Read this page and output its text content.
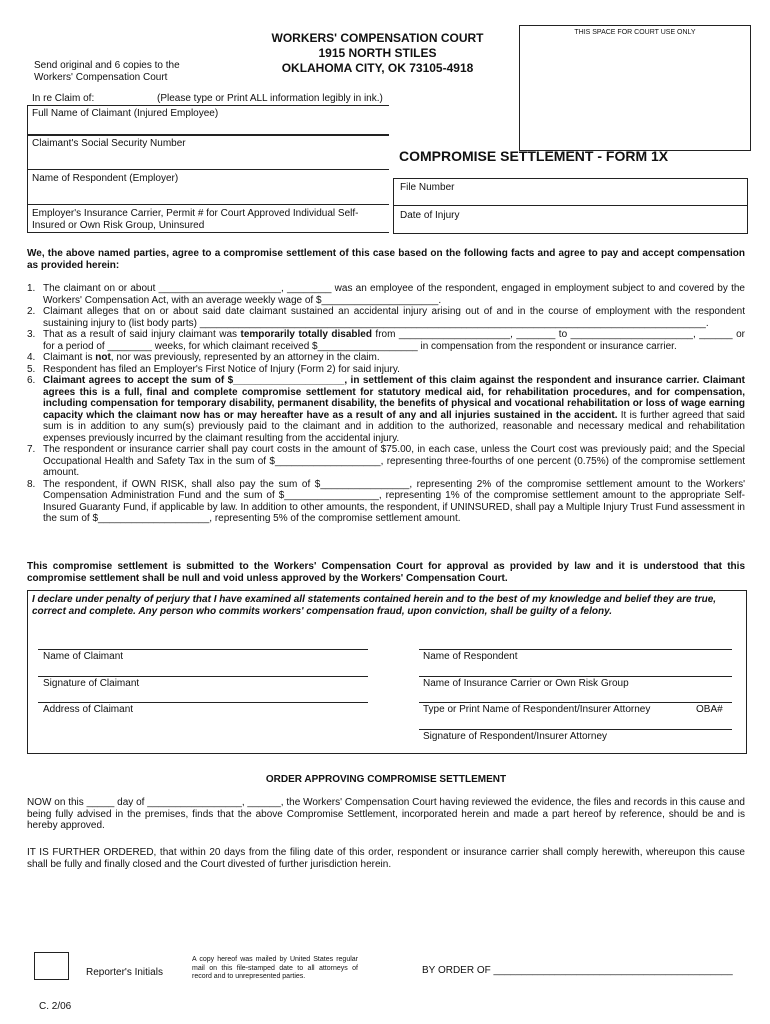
Send original and 6 copies to the
Workers' Compensation Court
WORKERS' COMPENSATION COURT
1915 NORTH STILES
OKLAHOMA CITY, OK 73105-4918
THIS SPACE FOR COURT USE ONLY
In re Claim of:	(Please type or Print ALL information legibly in ink.)
Full Name of Claimant (Injured Employee)
Claimant's Social Security Number
Name of Respondent (Employer)
Employer's Insurance Carrier, Permit # for Court Approved Individual Self-
Insured or Own Risk Group, Uninsured
COMPROMISE SETTLEMENT - FORM 1X
File Number
Date of Injury
We, the above named parties, agree to a compromise settlement of this case based on the following facts and agree to pay and accept compensation as provided herein:
1. The claimant on or about ______________________, ________ was an employee of the respondent, engaged in employment subject to and covered by the Workers' Compensation Act, with an average weekly wage of $_____________________.
2. Claimant alleges that on or about said date claimant sustained an accidental injury arising out of and in the course of employment with the respondent sustaining injury to (list body parts) ___________________________________________________________________________________________.
3. That as a result of said injury claimant was temporarily totally disabled from ____________________, _______ to ______________________, ______ or for a period of ________ weeks, for which claimant received $__________________ in compensation from the respondent or insurance carrier.
4. Claimant is not, nor was previously, represented by an attorney in the claim.
5. Respondent has filed an Employer's First Notice of Injury (Form 2) for said injury.
6. Claimant agrees to accept the sum of $____________________, in settlement of this claim against the respondent and insurance carrier. Claimant agrees this is a full, final and complete compromise settlement for statutory medical aid, for rehabilitation procedures, and for compensation, including compensation for temporary disability, permanent disability, the benefits of physical and vocational rehabilitation or loss of wage earning capacity which the claimant now has or may hereafter have as a result of any and all injuries sustained in the accident. It is further agreed that said sum is in addition to any sum(s) previously paid to the claimant and in addition to the authorized, reasonable and necessary medical and rehabilitation expenses previously incurred by the claimant resulting from the accidental injury.
7. The respondent or insurance carrier shall pay court costs in the amount of $75.00, in each case, unless the Court cost was previously paid; and the Special Occupational Health and Safety Tax in the sum of $___________________, representing three-fourths of one percent (0.75%) of the compromise settlement amount.
8. The respondent, if OWN RISK, shall also pay the sum of $________________, representing 2% of the compromise settlement amount to the Workers' Compensation Administration Fund and the sum of $_________________, representing 1% of the compromise settlement amount to the appropriate Self-Insured Guaranty Fund, if applicable by law. In addition to other amounts, the respondent, if UNINSURED, shall pay a Multiple Injury Trust Fund assessment in the sum of $____________________, representing 5% of the compromise settlement amount.
This compromise settlement is submitted to the Workers' Compensation Court for approval as provided by law and it is understood that this compromise settlement shall be null and void unless approved by the Workers' Compensation Court.
I declare under penalty of perjury that I have examined all statements contained herein and to the best of my knowledge and belief they are true, correct and complete. Any person who commits workers' compensation fraud, upon conviction, shall be guilty of a felony.
Name of Claimant
Signature of Claimant
Address of Claimant
Name of Respondent
Name of Insurance Carrier or Own Risk Group
Type or Print Name of Respondent/Insurer Attorney	OBA#
Signature of Respondent/Insurer Attorney
ORDER APPROVING COMPROMISE SETTLEMENT
NOW on this _____ day of _________________, ______, the Workers' Compensation Court having reviewed the evidence, the files and records in this cause and being fully advised in the premises, finds that the above Compromise Settlement, incorporated herein and made a part hereof by reference, should be and is hereby approved.
IT IS FURTHER ORDERED, that within 20 days from the filing date of this order, respondent or insurance carrier shall comply herewith, whereupon this cause shall be fully and finally closed and the Court divested of further jurisdiction herein.
Reporter's Initials
A copy hereof was mailed by United States regular mail on this file-stamped date to all attorneys of record and to unrepresented parties.
BY ORDER OF ___________________________________________
C. 2/06
